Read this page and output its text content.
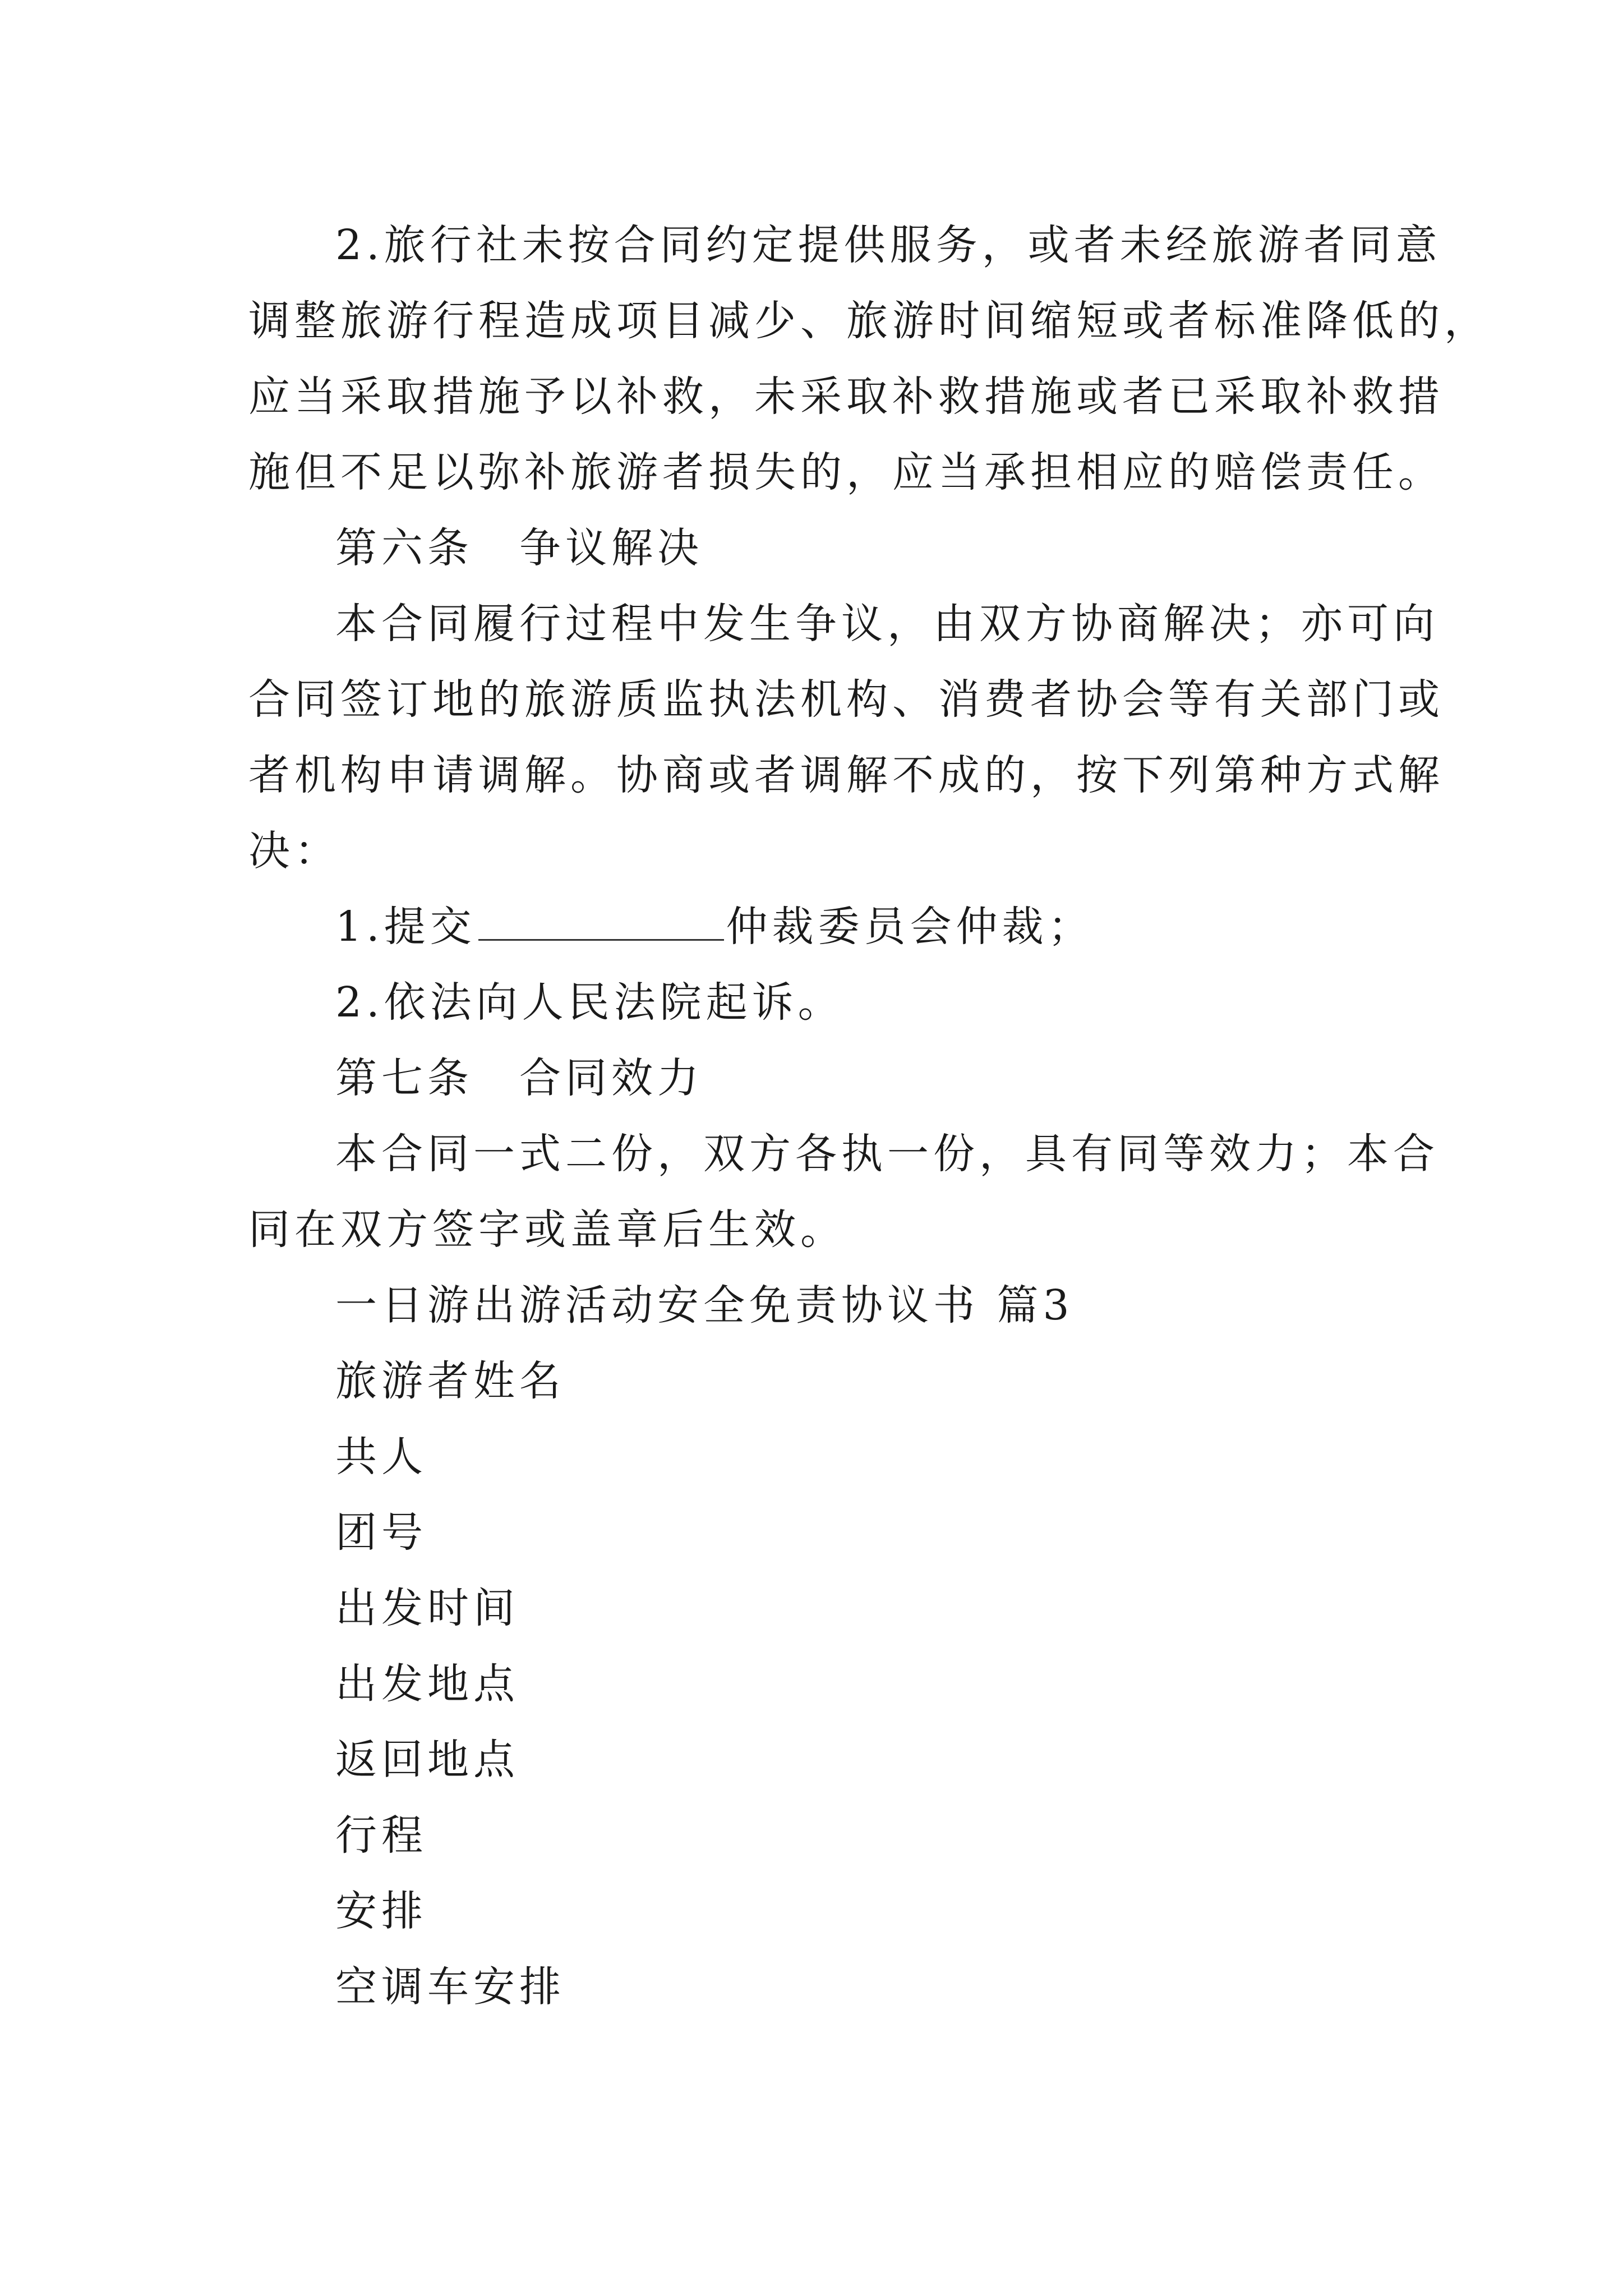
2.旅行社未按合同约定提供服务，或者未经旅游者同意
调整旅游行程造成项目减少、旅游时间缩短或者标准降低的，
应当采取措施予以补救，未采取补救措施或者已采取补救措
施但不足以弥补旅游者损失的，应当承担相应的赔偿责任。
第六条　争议解决
本合同履行过程中发生争议，由双方协商解决；亦可向
合同签订地的旅游质监执法机构、消费者协会等有关部门或
者机构申请调解。协商或者调解不成的，按下列第种方式解
决：
1.提交	仲裁委员会仲裁；
2.依法向人民法院起诉。
第七条　合同效力
本合同一式二份，双方各执一份，具有同等效力；本合
同在双方签字或盖章后生效。
一日游出游活动安全免责协议书 篇3
旅游者姓名
共人
团号
出发时间
出发地点
返回地点
行程
安排
空调车安排
